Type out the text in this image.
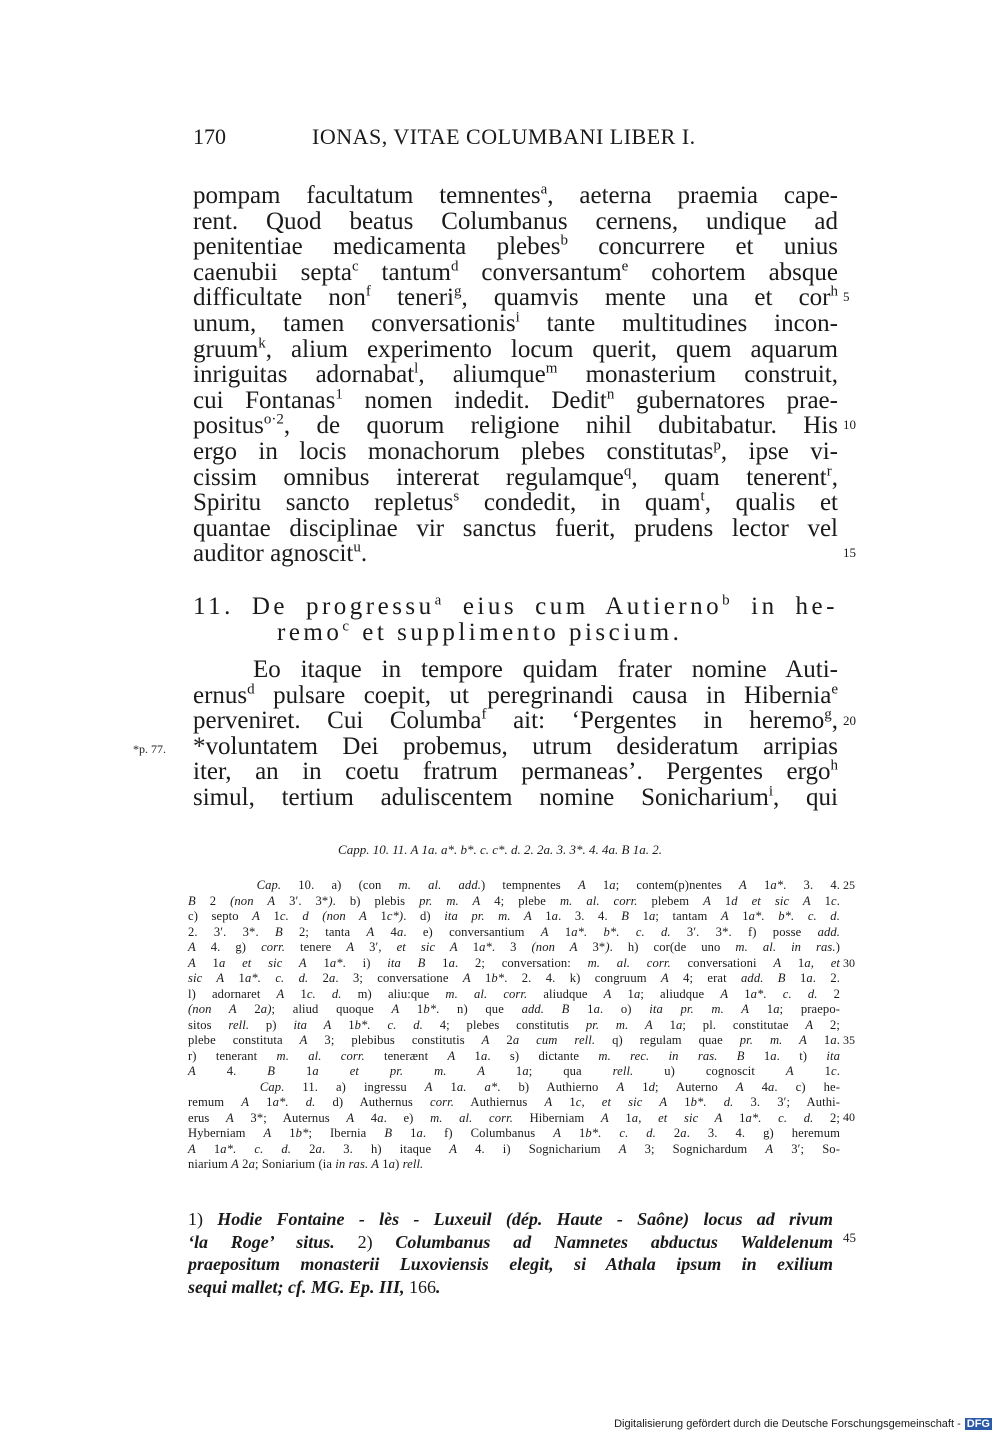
170	IONAS, VITAE COLUMBANI LIBER I.
pompam facultatum temnentes$^a$, aeterna praemia cape-
rent. Quod beatus Columbanus cernens, undique ad
penitentiae medicamenta plebes$^b$ concurrere et unius
caenubii septa$^c$ tantum$^d$ conversantum$^e$ cohortem absque
difficultate non$^f$ teneri$^g$, quamvis mente una et cor$^h$
unum, tamen conversationis$^i$ tante multitudines incon-
gruum$^k$, alium experimento locum querit, quem aquarum
inriguitas adornabat$^l$, aliumque$^m$ monasterium construit,
cui Fontanas$^1$ nomen indedit. Dedit$^n$ gubernatores prae-
positus$^{o\cdot 2}$, de quorum religione nihil dubitabatur. His
ergo in locis monachorum plebes constitutas$^p$, ipse vi-
cissim omnibus intererat regulamque$^q$, quam tenerent$^r$,
Spiritu sancto repletus$^s$ condedit, in quam$^t$, qualis et
quantae disciplinae vir sanctus fuerit, prudens lector vel
auditor agnoscit$^u$.
5
10
15
11. De progressu$^a$ eius cum Autierno$^b$ in he-
remo$^c$ et supplimento piscium.
Eo itaque in tempore quidam frater nomine Auti-
ernus$^d$ pulsare coepit, ut peregrinandi causa in Hibernia$^e$
perveniret. Cui Columba$^f$ ait: ‘Pergentes in heremo$^g$,
*voluntatem Dei probemus, utrum desideratum arripias
iter, an in coetu fratrum permaneas’. Pergentes ergo$^h$
simul, tertium aduliscentem nomine Sonicharium$^i$, qui
20
*p. 77.
Capp. 10. 11. A 1a. a*. b*. c. c*. d. 2. 2a. 3. 3*. 4. 4a. B 1a. 2.
Cap. 10. a) (con m. al. add.) tempnentes A 1a; contem(p)nentes A 1a*. 3. 4.
B 2 (non A 3′. 3*). b) plebis pr. m. A 4; plebe m. al. corr. plebem A 1d et sic A 1c.
c) septo A 1c. d (non A 1c*). d) ita pr. m. A 1a. 3. 4. B 1a; tantam A 1a*. b*. c. d.
2. 3′. 3*. B 2; tanta A 4a. e) conversantium A 1a*. b*. c. d. 3′. 3*. f) posse add.
A 4. g) corr. tenere A 3′, et sic A 1a*. 3 (non A 3*). h) cor(de uno m. al. in ras.)
A 1a et sic A 1a*. i) ita B 1a. 2; conversation: m. al. corr. conversationi A 1a, et
sic A 1a*. c. d. 2a. 3; conversatione A 1b*. 2. 4. k) congruum A 4; erat add. B 1a. 2.
l) adornaret A 1c. d. m) aliu:que m. al. corr. aliudque A 1a; aliudque A 1a*. c. d. 2
(non A 2a); aliud quoque A 1b*. n) que add. B 1a. o) ita pr. m. A 1a; praepo-
sitos rell. p) ita A 1b*. c. d. 4; plebes constitutis pr. m. A 1a; pl. constitutae A 2;
plebe constituta A 3; plebibus constitutis A 2a cum rell. q) regulam quae pr. m. A 1a.
r) tenerant m. al. corr. tenerænt A 1a. s) dictante m. rec. in ras. B 1a. t) ita
A 4. B 1a et pr. m. A 1a; qua rell. u) cognoscit A 1c.
Cap. 11. a) ingressu A 1a. a*. b) Authierno A 1d; Auterno A 4a. c) he-
remum A 1a*. d. d) Authernus corr. Authiernus A 1c, et sic A 1b*. d. 3. 3′; Authi-
erus A 3*; Auternus A 4a. e) m. al. corr. Hiberniam A 1a, et sic A 1a*. c. d. 2;
Hyberniam A 1b*; Ibernia B 1a. f) Columbanus A 1b*. c. d. 2a. 3. 4. g) heremum
A 1a*. c. d. 2a. 3. h) itaque A 4. i) Sognicharium A 3; Sognichardum A 3′; So-
niarium A 2a; Soniarium (ia in ras. A 1a) rell.
25
30
35
40
1) Hodie Fontaine - lès - Luxeuil (dép. Haute - Saône) locus ad rivum
‘la Roge’ situs. 2) Columbanus ad Namnetes abductus Waldelenum
praepositum monasterii Luxoviensis elegit, si Athala ipsum in exilium
sequi mallet; cf. MG. Ep. III, 166.
45
Digitalisierung gefördert durch die Deutsche Forschungsgemeinschaft - DFG
